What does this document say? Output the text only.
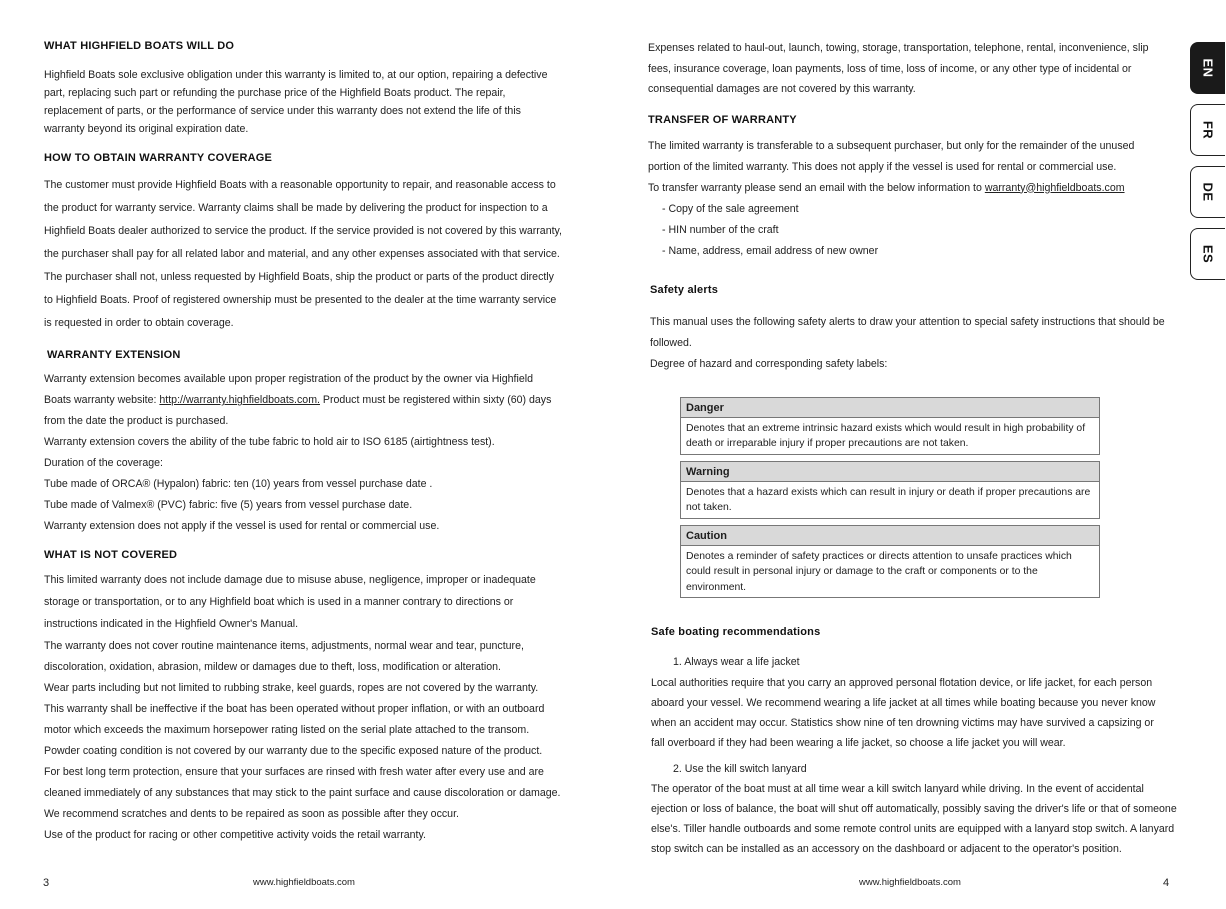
WHAT HIGHFIELD BOATS WILL DO

Highfield Boats sole exclusive obligation under this warranty is limited to, at our option, repairing a defective

part, replacing such part or refunding the purchase price of the Highfield Boats product. The repair,

replacement of parts, or the performance of service under this warranty does not extend the life of this

warranty beyond its original expiration date.

HOW TO OBTAIN WARRANTY COVERAGE

The customer must provide Highfield Boats with a reasonable opportunity to repair, and reasonable access to

the product for warranty service. Warranty claims shall be made by delivering the product for inspection to a

Highfield Boats dealer authorized to service the product. If the service provided is not covered by this warranty,

the purchaser shall pay for all related labor and material, and any other expenses associated with that service.

The purchaser shall not, unless requested by Highfield Boats, ship the product or parts of the product directly

to Highfield Boats. Proof of registered ownership must be presented to the dealer at the time warranty service

is requested in order to obtain coverage.

WARRANTY EXTENSION

Warranty extension becomes available upon proper registration of the product by the owner via Highfield

Boats warranty website: http://warranty.highfieldboats.com. Product must be registered within sixty (60) days

from the date the product is purchased.

Warranty extension covers the ability of the tube fabric to hold air to ISO 6185 (airtightness test).

Duration of the coverage:

Tube made of ORCA® (Hypalon) fabric: ten (10) years from vessel purchase date .

Tube made of Valmex® (PVC) fabric: five (5) years from vessel purchase date.

Warranty extension does not apply if the vessel is used for rental or commercial use.

WHAT IS NOT COVERED

This limited warranty does not include damage due to misuse abuse, negligence, improper or inadequate

storage or transportation, or to any Highfield boat which is used in a manner contrary to directions or

instructions indicated in the Highfield Owner's Manual.

The warranty does not cover routine maintenance items, adjustments, normal wear and tear, puncture,

discoloration, oxidation, abrasion, mildew or damages due to theft, loss, modification or alteration.

Wear parts including but not limited to rubbing strake, keel guards, ropes are not covered by the warranty.

This warranty shall be ineffective if the boat has been operated without proper inflation, or with an outboard

motor which exceeds the maximum horsepower rating listed on the serial plate attached to the transom.

Powder coating condition is not covered by our warranty due to the specific exposed nature of the product.

For best long term protection, ensure that your surfaces are rinsed with fresh water after every use and are

cleaned immediately of any substances that may stick to the paint surface and cause discoloration or damage.

We recommend scratches and dents to be repaired as soon as possible after they occur.

Use of the product for racing or other competitive activity voids the retail warranty.

3	www.highfieldboats.com

Expenses related to haul-out, launch, towing, storage, transportation, telephone, rental, inconvenience, slip

fees, insurance coverage, loan payments, loss of time, loss of income, or any other type of incidental or

consequential damages are not covered by this warranty.

TRANSFER OF WARRANTY

The limited warranty is transferable to a subsequent purchaser, but only for the remainder of the unused

portion of the limited warranty. This does not apply if the vessel is used for rental or commercial use.

To transfer warranty please send an email with the below information to warranty@highfieldboats.com

- Copy of the sale agreement

- HIN number of the craft

- Name, address, email address of new owner

Safety alerts

This manual uses the following safety alerts to draw your attention to special safety instructions that should be

followed.

Degree of hazard and corresponding safety labels:

Danger
Denotes that an extreme intrinsic hazard exists which would result in high probability of death or irreparable injury if proper precautions are not taken.
Warning
Denotes that a hazard exists which can result in injury or death if proper precautions are not taken.
Caution
Denotes a reminder of safety practices or directs attention to unsafe practices which could result in personal injury or damage to the craft or components or to the environment.
Safe boating recommendations

1. Always wear a life jacket

Local authorities require that you carry an approved personal flotation device, or life jacket, for each person

aboard your vessel. We recommend wearing a life jacket at all times while boating because you never know

when an accident may occur. Statistics show nine of ten drowning victims may have survived a capsizing or

fall overboard if they had been wearing a life jacket, so choose a life jacket you will wear.

2. Use the kill switch lanyard

The operator of the boat must at all time wear a kill switch lanyard while driving. In the event of accidental

ejection or loss of balance, the boat will shut off automatically, possibly saving the driver's life or that of someone

else's. Tiller handle outboards and some remote control units are equipped with a lanyard stop switch. A lanyard

stop switch can be installed as an accessory on the dashboard or adjacent to the operator's position.

EN
FR
DE
ES
www.highfieldboats.com	4
